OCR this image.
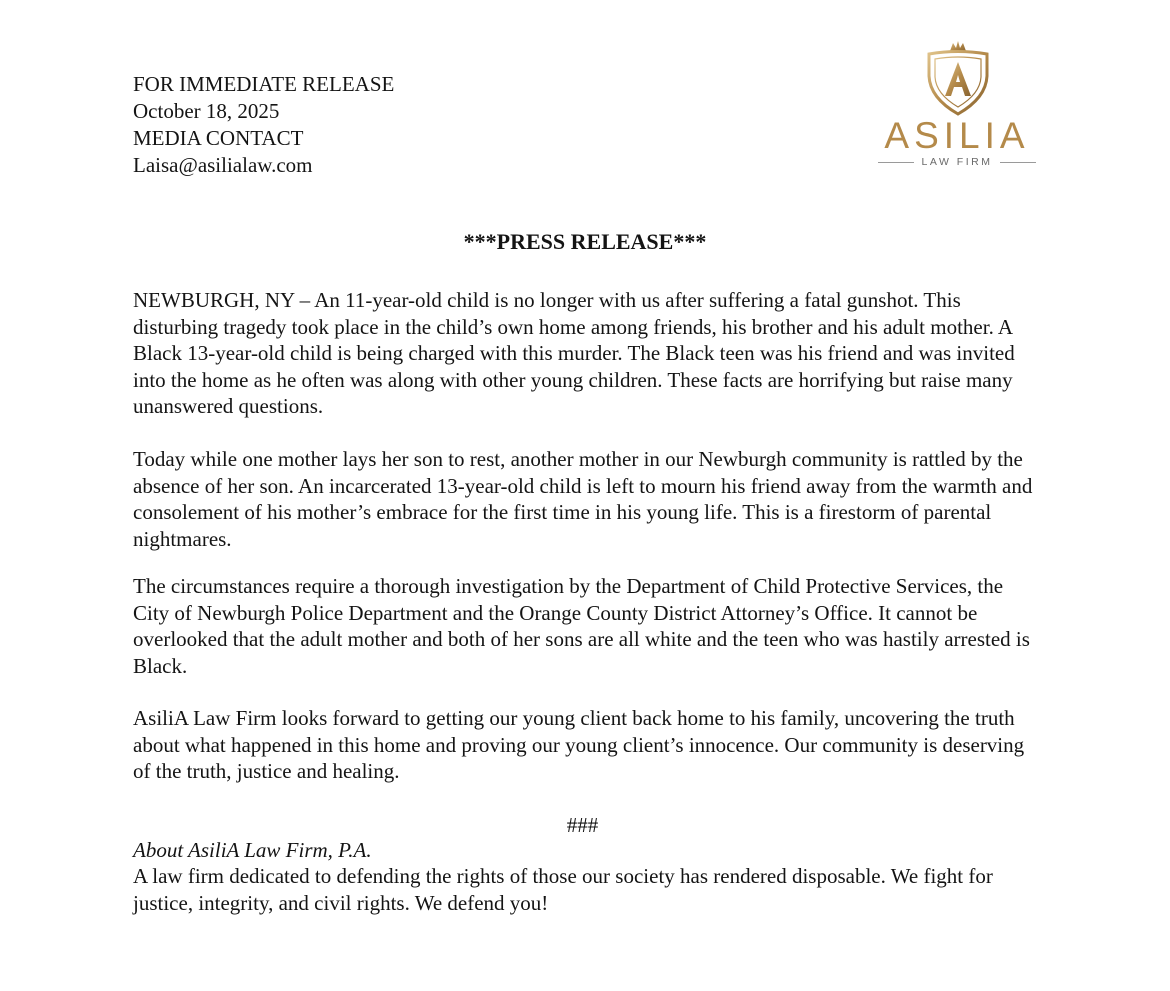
FOR IMMEDIATE RELEASE
October 18, 2025
MEDIA CONTACT
Laisa@asilialaw.com
ASILIA
LAW FIRM
***PRESS RELEASE***

NEWBURGH, NY – An 11-year-old child is no longer with us after suffering a fatal gunshot. This disturbing tragedy took place in the child’s own home among friends, his brother and his adult mother. A Black 13-year-old child is being charged with this murder. The Black teen was his friend and was invited into the home as he often was along with other young children. These facts are horrifying but raise many unanswered questions.

Today while one mother lays her son to rest, another mother in our Newburgh community is rattled by the absence of her son. An incarcerated 13-year-old child is left to mourn his friend away from the warmth and consolement of his mother’s embrace for the first time in his young life. This is a firestorm of parental nightmares.

The circumstances require a thorough investigation by the Department of Child Protective Services, the City of Newburgh Police Department and the Orange County District Attorney’s Office. It cannot be overlooked that the adult mother and both of her sons are all white and the teen who was hastily arrested is Black.

AsiliA Law Firm looks forward to getting our young client back home to his family, uncovering the truth about what happened in this home and proving our young client’s innocence. Our community is deserving of the truth, justice and healing.

###
About AsiliA Law Firm, P.A.

A law firm dedicated to defending the rights of those our society has rendered disposable. We fight for justice, integrity, and civil rights. We defend you!
